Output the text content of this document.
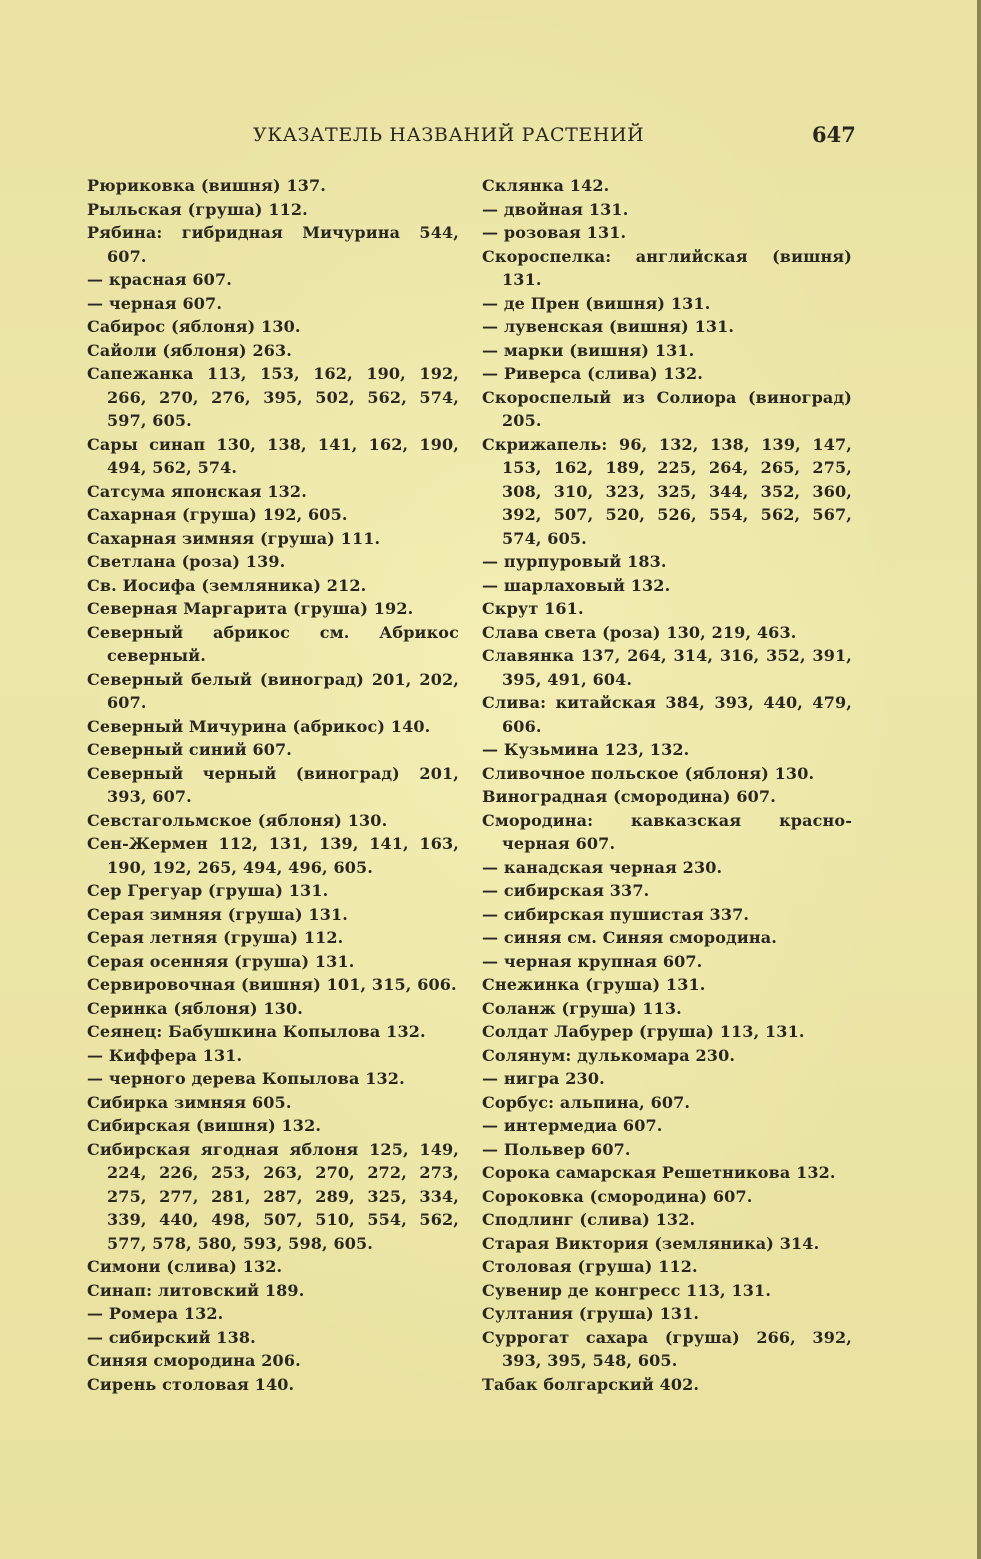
УКАЗАТЕЛЬ НАЗВАНИЙ РАСТЕНИЙ	647

Рюриковка (вишня) 137.

Рыльская (груша) 112.

Рябина: гибридная Мичурина 544, 607.

— красная 607.

— черная 607.

Сабирос (яблоня) 130.

Сайоли (яблоня) 263.

Сапежанка 113, 153, 162, 190, 192, 266, 270, 276, 395, 502, 562, 574, 597, 605.

Сары синап 130, 138, 141, 162, 190, 494, 562, 574.

Сатсума японская 132.

Сахарная (груша) 192, 605.

Сахарная зимняя (груша) 111.

Светлана (роза) 139.

Св. Иосифа (земляника) 212.

Северная Маргарита (груша) 192.

Северный абрикос см. Абрикос северный.

Северный белый (виноград) 201, 202, 607.

Северный Мичурина (абрикос) 140.

Северный синий 607.

Северный черный (виноград) 201, 393, 607.

Севстагольмское (яблоня) 130.

Сен-Жермен 112, 131, 139, 141, 163, 190, 192, 265, 494, 496, 605.

Сер Грегуар (груша) 131.

Серая зимняя (груша) 131.

Серая летняя (груша) 112.

Серая осенняя (груша) 131.

Сервировочная (вишня) 101, 315, 606.

Серинка (яблоня) 130.

Сеянец: Бабушкина Копылова 132.

— Киффера 131.

— черного дерева Копылова 132.

Сибирка зимняя 605.

Сибирская (вишня) 132.

Сибирская ягодная яблоня 125, 149, 224, 226, 253, 263, 270, 272, 273, 275, 277, 281, 287, 289, 325, 334, 339, 440, 498, 507, 510, 554, 562, 577, 578, 580, 593, 598, 605.

Симони (слива) 132.

Синап: литовский 189.

— Ромера 132.

— сибирский 138.

Синяя смородина 206.

Сирень столовая 140.

Склянка 142.

— двойная 131.

— розовая 131.

Скороспелка: английская (вишня) 131.

— де Прен (вишня) 131.

— лувенская (вишня) 131.

— марки (вишня) 131.

— Риверса (слива) 132.

Скороспелый из Солиора (виноград) 205.

Скрижапель: 96, 132, 138, 139, 147, 153, 162, 189, 225, 264, 265, 275, 308, 310, 323, 325, 344, 352, 360, 392, 507, 520, 526, 554, 562, 567, 574, 605.

— пурпуровый 183.

— шарлаховый 132.

Скрут 161.

Слава света (роза) 130, 219, 463.

Славянка 137, 264, 314, 316, 352, 391, 395, 491, 604.

Слива: китайская 384, 393, 440, 479, 606.

— Кузьмина 123, 132.

Сливочное польское (яблоня) 130.

Виноградная (смородина) 607.

Смородина: кавказская красно-черная 607.

— канадская черная 230.

— сибирская 337.

— сибирская пушистая 337.

— синяя см. Синяя смородина.

— черная крупная 607.

Снежинка (груша) 131.

Соланж (груша) 113.

Солдат Лабурер (груша) 113, 131.

Солянум: дулькомара 230.

— нигра 230.

Сорбус: альпина, 607.

— интермедиа 607.

— Польвер 607.

Сорока самарская Решетникова 132.

Сороковка (смородина) 607.

Сподлинг (слива) 132.

Старая Виктория (земляника) 314.

Столовая (груша) 112.

Сувенир де конгресс 113, 131.

Султания (груша) 131.

Суррогат сахара (груша) 266, 392, 393, 395, 548, 605.

Табак болгарский 402.
